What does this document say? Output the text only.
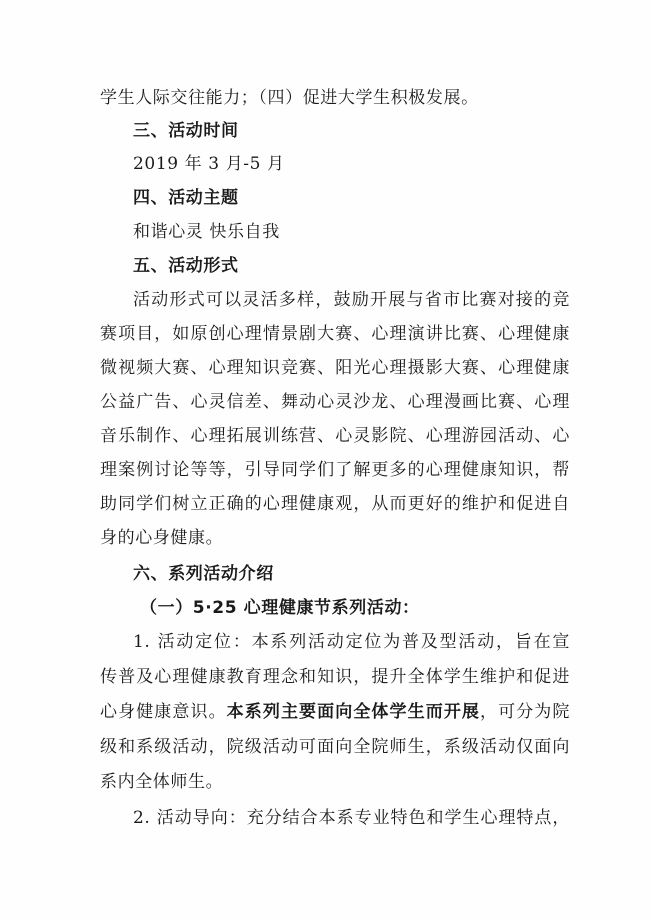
学生人际交往能力；（四）促进大学生积极发展。
三、活动时间
2019 年 3 月-5 月
四、活动主题
和谐心灵 快乐自我
五、活动形式
活动形式可以灵活多样，鼓励开展与省市比赛对接的竞
赛项目，如原创心理情景剧大赛、心理演讲比赛、心理健康
微视频大赛、心理知识竞赛、阳光心理摄影大赛、心理健康
公益广告、心灵信差、舞动心灵沙龙、心理漫画比赛、心理
音乐制作、心理拓展训练营、心灵影院、心理游园活动、心
理案例讨论等等，引导同学们了解更多的心理健康知识，帮
助同学们树立正确的心理健康观，从而更好的维护和促进自
身的心身健康。
六、系列活动介绍
（一）5·25 心理健康节系列活动：
1. 活动定位：本系列活动定位为普及型活动，旨在宣
传普及心理健康教育理念和知识，提升全体学生维护和促进
心身健康意识。本系列主要面向全体学生而开展，可分为院
级和系级活动，院级活动可面向全院师生，系级活动仅面向
系内全体师生。
2. 活动导向：充分结合本系专业特色和学生心理特点，
